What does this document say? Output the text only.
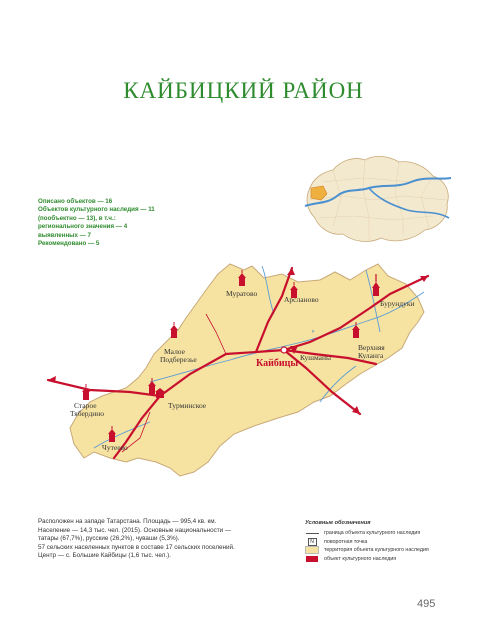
КАЙБИЦКИЙ РАЙОН
Описано объектов — 16
Объектов культурного наследия — 11
(пообъектно — 13), в т.ч.:
регионального значения — 4
выявленных — 7
Рекомендовано — 5
р.
Муратово
Арсланово	Бурундуки
Малое
Подберезье	Кайбицы
Кушманы
Верхняя
Куланга
Старое
Тябердино
Турминское
Чутеево
Расположен на западе Татарстана. Площадь — 995,4 кв. км.
Население — 14,3 тыс. чел. (2015). Основные национальности —
татары (67,7%), русские (26,2%), чуваши (5,3%).
57 сельских населенных пунктов в составе 17 сельских поселений.
Центр — с. Большие Кайбицы (1,6 тыс. чел.).
Условные обозначения
граница объекта культурного наследия
N	поворотная точка
территория объекта культурного наследия
объект культурного наследия
495
